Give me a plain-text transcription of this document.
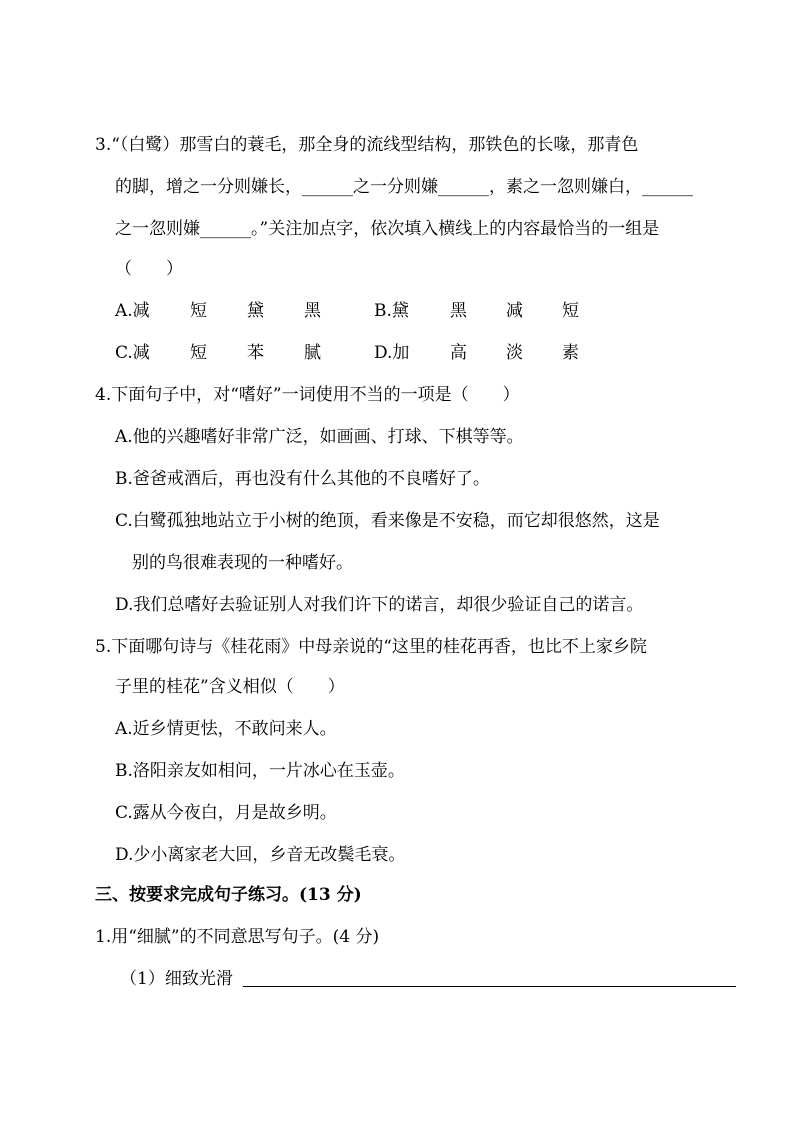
3.“（白鹭）那雪白的蓑毛，那全身的流线型结构，那铁色的长喙，那青色
的脚，增之一分则嫌长，______之一分则嫌______，素之一忽则嫌白，______
之一忽则嫌______。”关注加点字，依次填入横线上的内容最恰当的一组是
（　　）
A.减 短 黛 黑	B.黛 黑 减 短
C.减 短 苯 腻	D.加 高 淡 素
4.下面句子中，对“嗜好”一词使用不当的一项是（　　）
A.他的兴趣嗜好非常广泛，如画画、打球、下棋等等。
B.爸爸戒酒后，再也没有什么其他的不良嗜好了。
C.白鹭孤独地站立于小树的绝顶，看来像是不安稳，而它却很悠然，这是
别的鸟很难表现的一种嗜好。
D.我们总嗜好去验证别人对我们许下的诺言，却很少验证自己的诺言。
5.下面哪句诗与《桂花雨》中母亲说的“这里的桂花再香，也比不上家乡院
子里的桂花”含义相似（　　）
A.近乡情更怯，不敢问来人。
B.洛阳亲友如相问，一片冰心在玉壶。
C.露从今夜白，月是故乡明。
D.少小离家老大回，乡音无改鬓毛衰。
三、按要求完成句子练习。(13 分)
1.用“细腻”的不同意思写句子。(4 分)
（1）细致光滑
